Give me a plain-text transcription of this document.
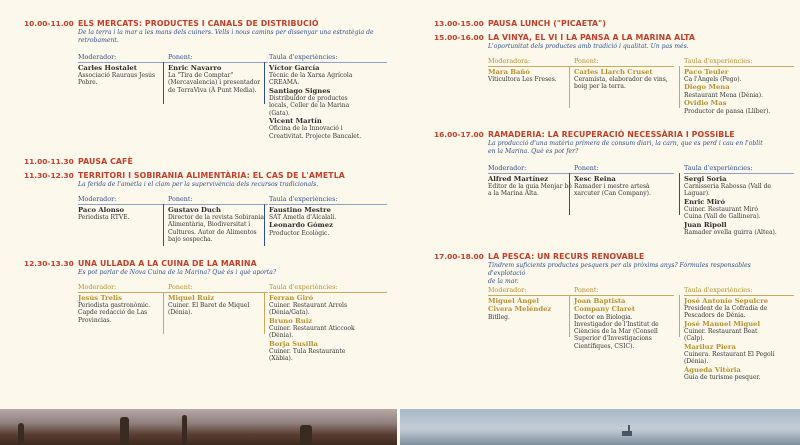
10.00-11.00 ELS MERCATS: PRODUCTES I CANALS DE DISTRIBUCIÓ
De la terra i la mar a les mans dels cuiners. Vells i nous camins per dissenyar una estratègia de
retrobament.
Moderador:
Carles Hostalet
Associació Rauraus Jesús
Pobre.
Ponent:
Enric Navarro
La "Tira de Comptar"
(Mercavalencia) i presentador
de TerraViva (À Punt Media).
Taula d'experiències:
Víctor García
Tècnic de la Xarxa Agrícola
CREAMA.
Santiago Signes
Distribuïdor de productes
locals, Celler de la Marina
(Gata).
Vicent Martín
Oficina de la Innovació i
Creativitat. Projecte Bancalet.
11.00-11.30 PAUSA CAFÈ
11.30-12.30 TERRITORI I SOBIRANIA ALIMENTÀRIA: EL CAS DE L'AMETLA
La ferida de l'ametla i el clam per la supervivència dels recursos tradicionals.
Moderador:
Paco Alonso
Periodista RTVE.
Ponent:
Gustavo Duch
Director de la revista Sobirania
Alimentària, Biodiversitat i
Cultures. Autor de Alimentos
bajo sospecha.
Taula d'experiències:
Faustino Mestre
SAT Ametla d'Alcalalí.
Leonardo Gómez
Productor Ecològic.
12.30-13.30 UNA ULLADA A LA CUINA DE LA MARINA
Es pot parlar de Nova Cuina de la Marina? Què és i què aporta?
Moderador:
Jesús Trelis
Periodista gastronòmic.
Capde redacció de Las
Provincias.
Ponent:
Miquel Ruiz
Cuiner. El Baret de Miquel
(Dénia).
Taula d'experiències:
Ferran Giró
Cuiner. Restaurant Arrels
(Dénia/Gata).
Bruno Ruiz
Cuiner. Restaurant Aticcook
(Dénia).
Borja Susilla
Cuiner. Tula Restaurante
(Xàbia).
13.00-15.00 PAUSA LUNCH ("PICAETA")
15.00-16.00 LA VINYA, EL VI I LA PANSA A LA MARINA ALTA
L'oportunitat dels productes amb tradició i qualitat. Un pas més.
Moderadora:
Mara Bañó
Viticultora Les Freses.
Ponent:
Carles Llarch Cruset
Ceramista, elaborador de vins,
boig per la terra.
Taula d'experiències:
Paco Teuler
Ca l'Àngels (Pego).
Diego Mena
Restaurant Mena (Dénia).
Ovidio Mas
Productor de pansa (Llíber).
16.00-17.00 RAMADERIA: LA RECUPERACIÓ NECESSÀRIA I POSSIBLE
La producció d'una matèria primera de consum diari, la carn, que es perd i cau en l'oblit
en la Marina. Què es pot fer?
Moderador:
Alfred Martínez
Editor de la guia Menjar bé
a la Marina Alta.
Ponent:
Xesc Reina
Ramader i mestre artesà
xarcuter (Can Company).
Taula d'experiències:
Sergi Soria
Carnisseria Rabossa (Vall de
Laguar).
Enric Miró
Cuiner. Restaurant Miró
Cuina (Vall de Gallinera).
Juan Ripoll
Ramader ovella guirra (Altea).
17.00-18.00 LA PESCA: UN RECURS RENOVABLE
Tindrem suficients productes pesquers per als pròxims anys? Fórmules responsables d'explotació
de la mar.
Moderador:
Miguel Ángel
Civera Meléndez
Bitlleg.
Ponent:
Joan Baptista
Company Claret
Doctor en Biologia.
Investigador de l'Institut de
Ciències de la Mar (Consell
Superior d'Investigacions
Científiques, CSIC).
Taula d'experiències:
José Antonio Sepulcre
President de la Cofradia de
Pescadors de Dénia.
José Manuel Miguel
Cuiner. Restaurant Beat
(Calp).
Mariluz Piera
Cuinera. Restaurant El Pegolí
(Dénia).
Àgueda Vitòria
Guia de turisme pesquer.
